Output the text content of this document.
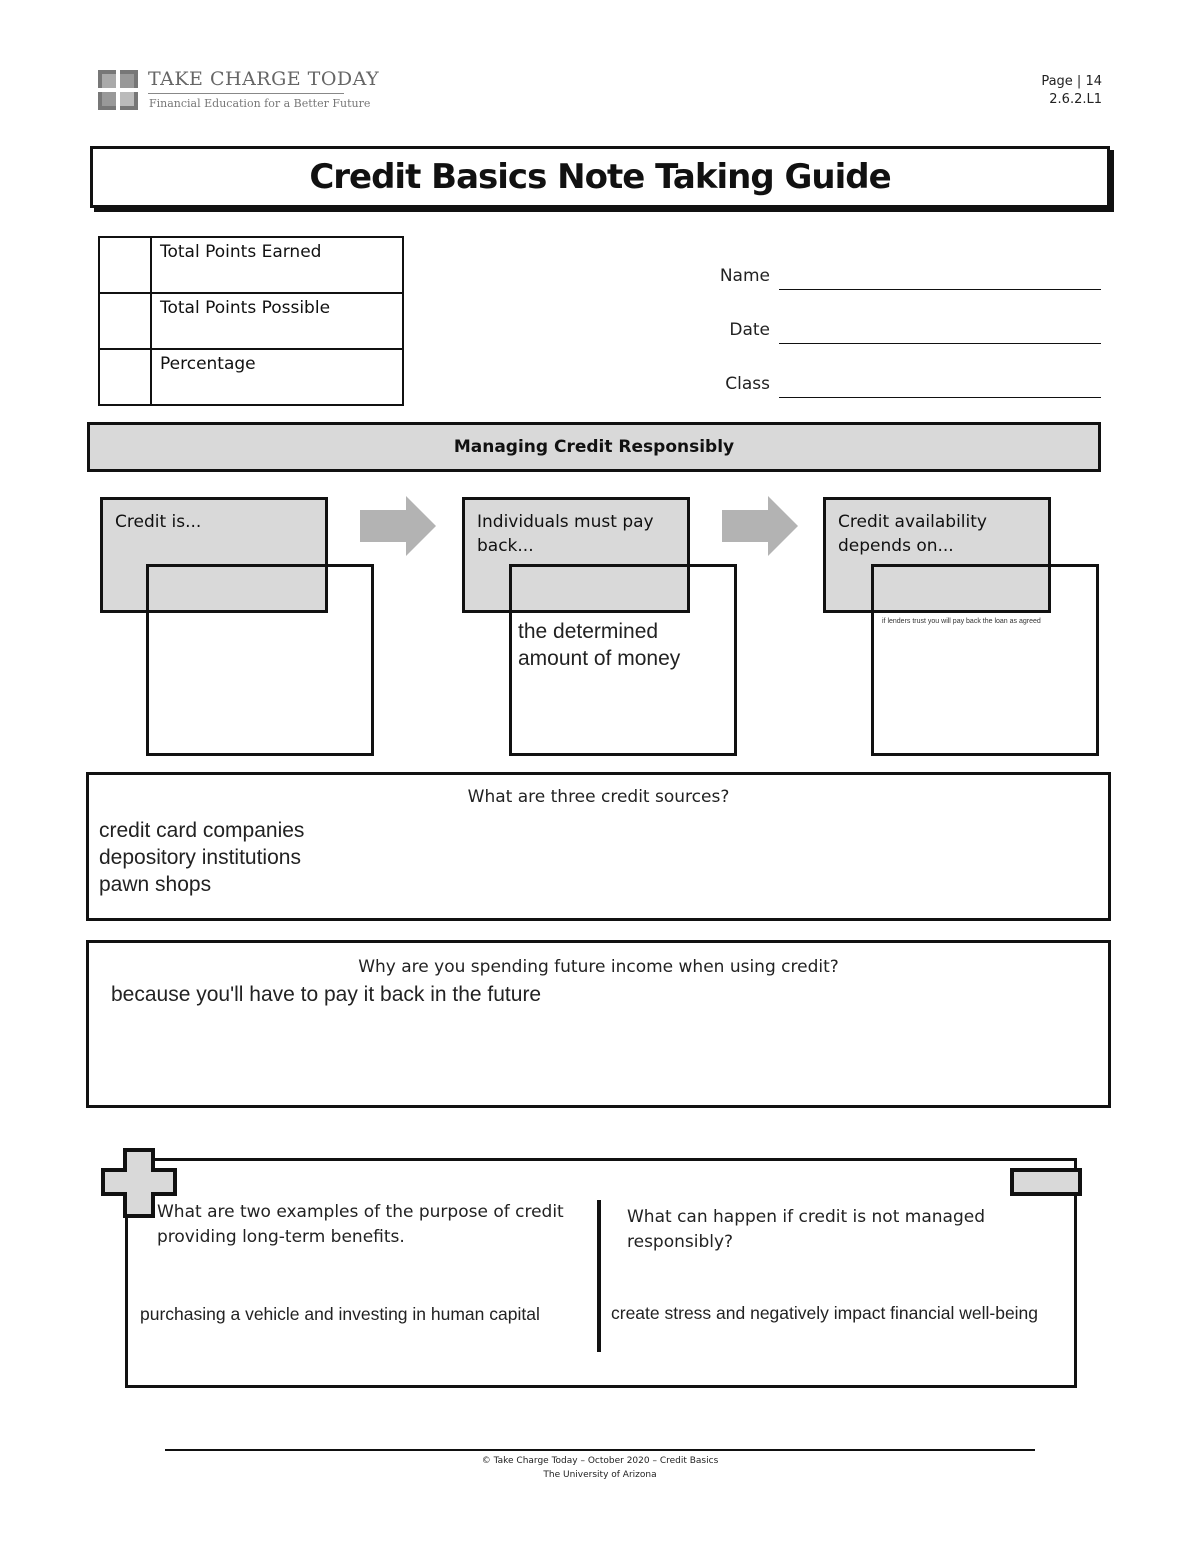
TAKE CHARGE TODAY
Financial Education for a Better Future
Page | 14
2.6.2.L1
Credit Basics Note Taking Guide
	Total Points Earned
	Total Points Possible
	Percentage
Name
Date
Class
Managing Credit Responsibly
Credit is...	Individuals must pay back...
the determined amount of money
Credit availability depends on...
if lenders trust you will pay back the loan as agreed
What are three credit sources?
credit card companies
depository institutions
pawn shops
Why are you spending future income when using credit?
because you'll have to pay it back in the future
What are two examples of the purpose of credit providing long-term benefits.
purchasing a vehicle and investing in human capital
What can happen if credit is not managed responsibly?
create stress and negatively impact financial well-being
© Take Charge Today – October 2020 – Credit Basics
The University of Arizona
